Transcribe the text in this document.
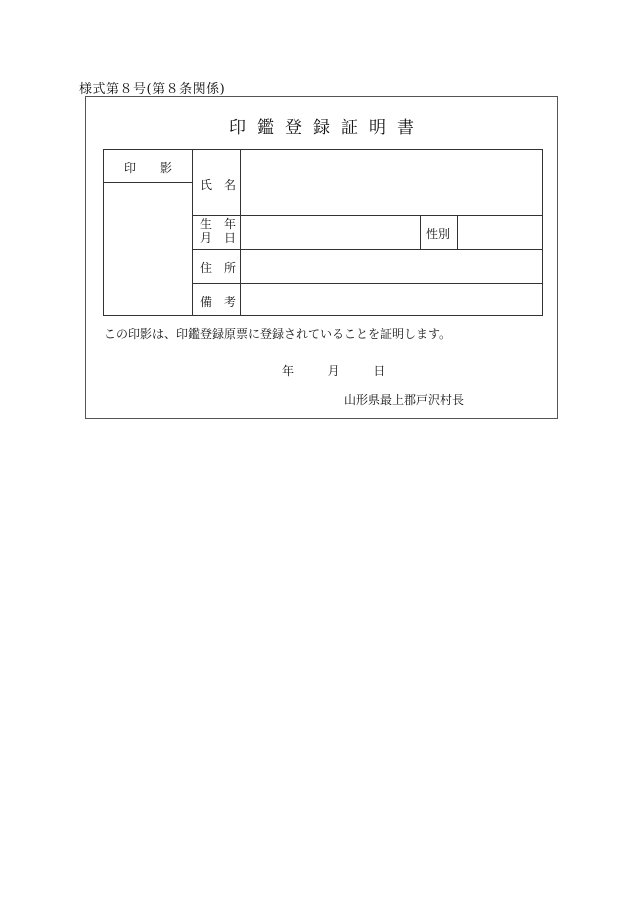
様式第８号(第８条関係)
印鑑登録証明書
印　　影
氏　名
生　年
月　日	性別
住　所
備　考
この印影は、印鑑登録原票に登録されていることを証明します。
年	月	日
山形県最上郡戸沢村長
